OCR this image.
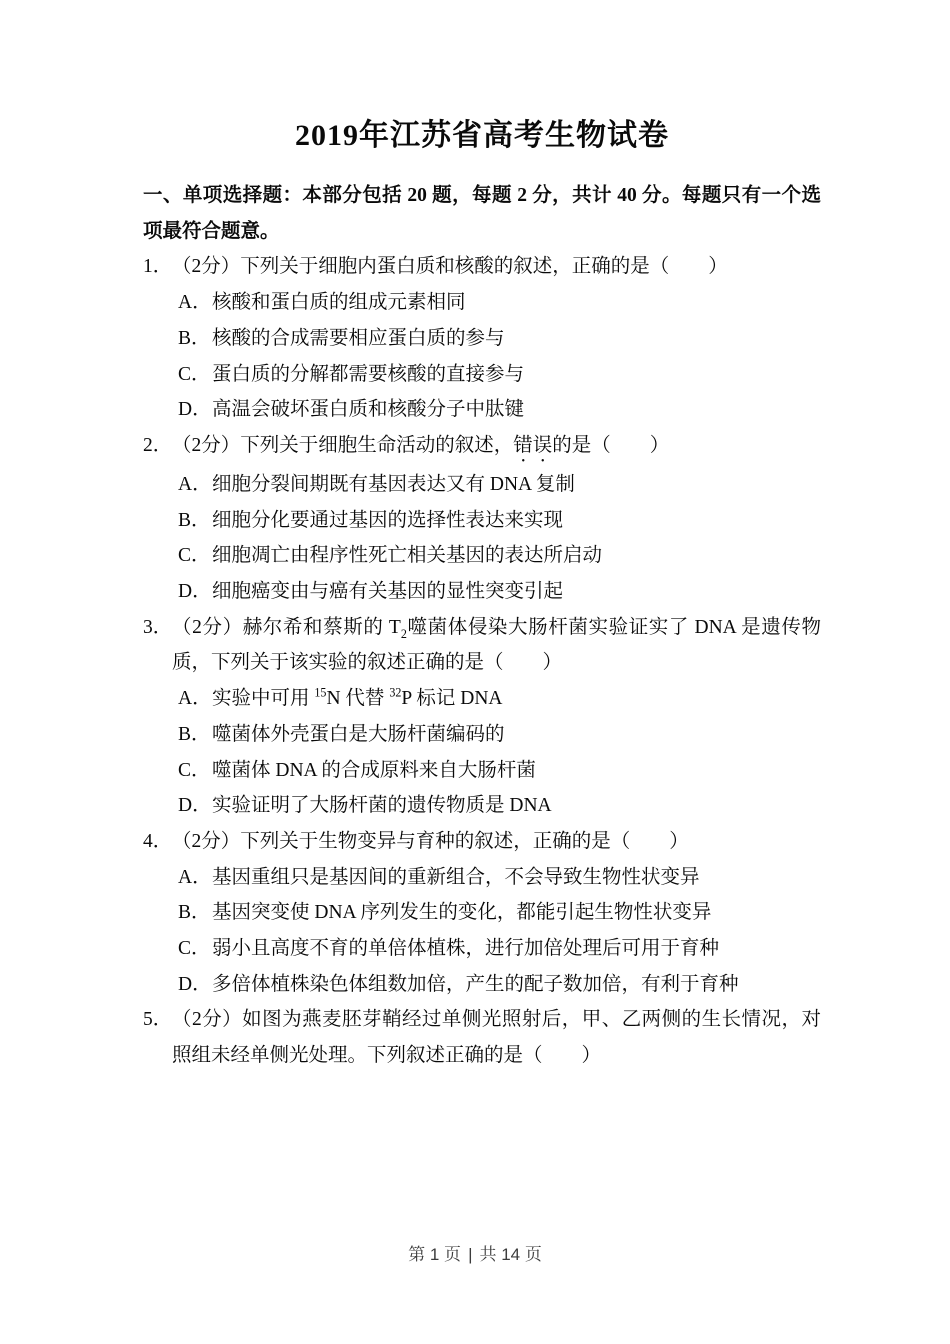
2019年江苏省高考生物试卷

一、单项选择题：本部分包括 20 题，每题 2 分，共计 40 分。每题只有一个选项最符合题意。

1． （2分）下列关于细胞内蛋白质和核酸的叙述，正确的是（　　）

A． 核酸和蛋白质的组成元素相同

B． 核酸的合成需要相应蛋白质的参与

C． 蛋白质的分解都需要核酸的直接参与

D． 高温会破坏蛋白质和核酸分子中肽键

2． （2分）下列关于细胞生命活动的叙述，错误的是（　　）

A． 细胞分裂间期既有基因表达又有 DNA 复制

B． 细胞分化要通过基因的选择性表达来实现

C． 细胞凋亡由程序性死亡相关基因的表达所启动

D． 细胞癌变由与癌有关基因的显性突变引起

3． （2分）赫尔希和蔡斯的 $T_2$噬菌体侵染大肠杆菌实验证实了 DNA 是遗传物质，下列关于该实验的叙述正确的是（　　）

A． 实验中可用 $^{15}$N 代替 $^{32}$P 标记 DNA

B． 噬菌体外壳蛋白是大肠杆菌编码的

C． 噬菌体 DNA 的合成原料来自大肠杆菌

D． 实验证明了大肠杆菌的遗传物质是 DNA

4． （2分）下列关于生物变异与育种的叙述，正确的是（　　）

A． 基因重组只是基因间的重新组合，不会导致生物性状变异

B． 基因突变使 DNA 序列发生的变化，都能引起生物性状变异

C． 弱小且高度不育的单倍体植株，进行加倍处理后可用于育种

D． 多倍体植株染色体组数加倍，产生的配子数加倍，有利于育种

5． （2分）如图为燕麦胚芽鞘经过单侧光照射后，甲、乙两侧的生长情况，对照组未经单侧光处理。下列叙述正确的是（　　）

第 1 页 | 共 14 页
